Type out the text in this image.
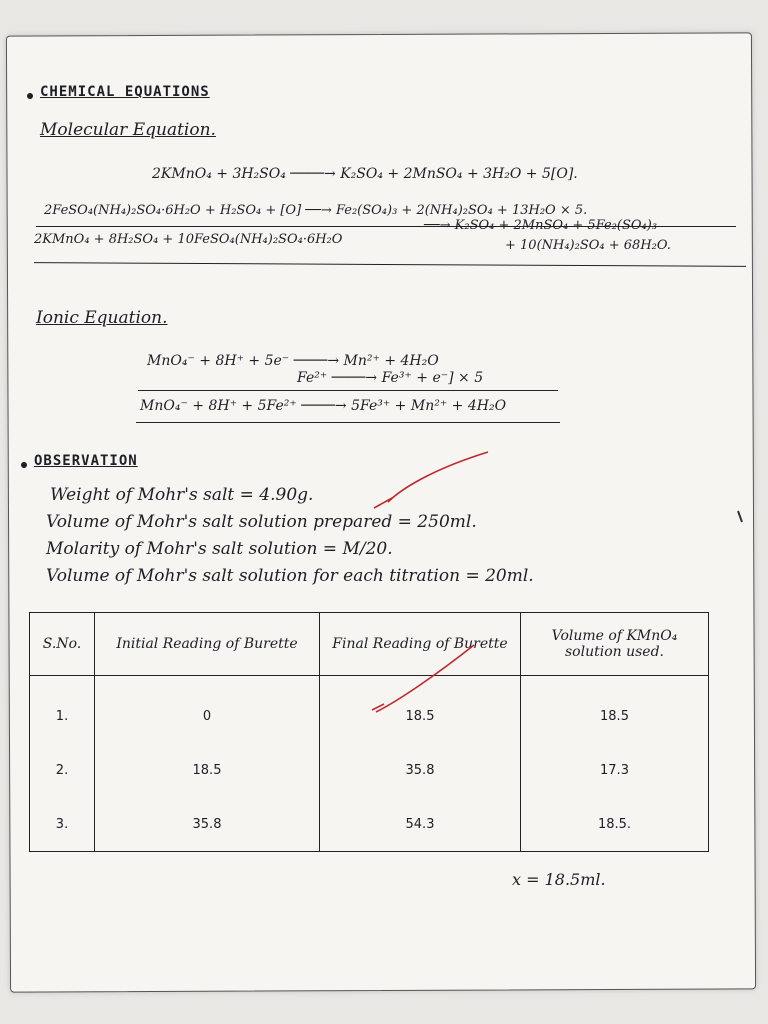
CHEMICAL EQUATIONS
Molecular Equation.
2KMnO₄ + 3H₂SO₄ ────→ K₂SO₄ + 2MnSO₄ + 3H₂O + 5[O].
2FeSO₄(NH₄)₂SO₄·6H₂O + H₂SO₄ + [O] ──→ Fe₂(SO₄)₃ + 2(NH₄)₂SO₄ + 13H₂O × 5.
2KMnO₄ + 8H₂SO₄ + 10FeSO₄(NH₄)₂SO₄·6H₂O
──→ K₂SO₄ + 2MnSO₄ + 5Fe₂(SO₄)₃
+ 10(NH₄)₂SO₄ + 68H₂O.
Ionic Equation.
MnO₄⁻ + 8H⁺ + 5e⁻ ────→ Mn²⁺ + 4H₂O
Fe²⁺ ────→ Fe³⁺ + e⁻] × 5
MnO₄⁻ + 8H⁺ + 5Fe²⁺ ────→ 5Fe³⁺ + Mn²⁺ + 4H₂O
OBSERVATION
Weight of Mohr's salt = 4.90g.
Volume of Mohr's salt solution prepared = 250ml.
Molarity of Mohr's salt solution = M/20.
Volume of Mohr's salt solution for each titration = 20ml.
S.No.	Initial Reading of Burette	Final Reading of Burette	Volume of KMnO₄ solution used.
1.	0	18.5	18.5
2.	18.5	35.8	17.3
3.	35.8	54.3	18.5.
x = 18.5ml.
